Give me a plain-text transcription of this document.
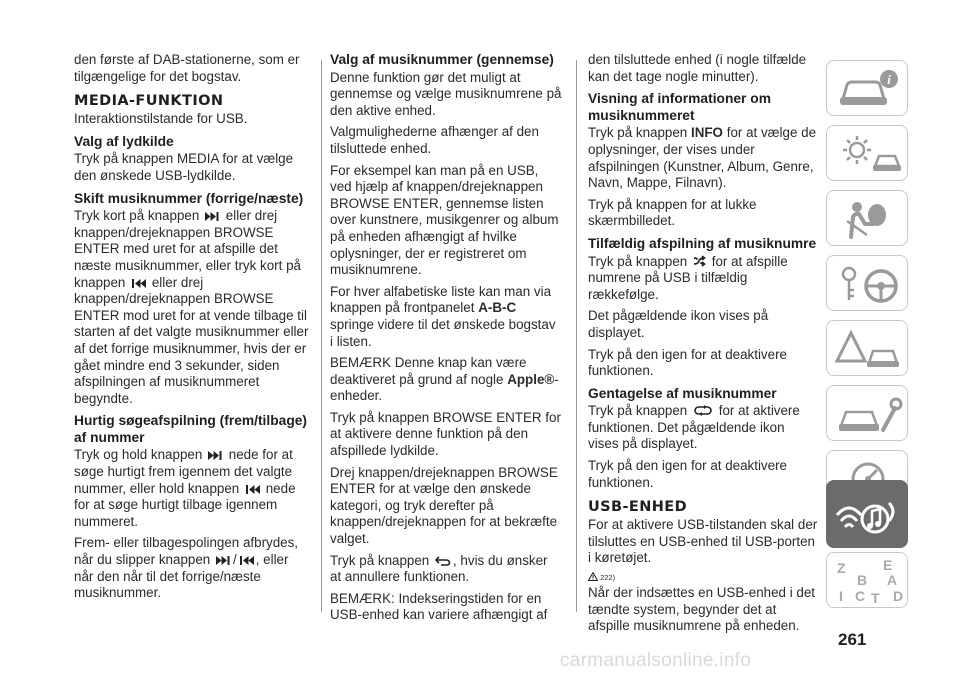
den første af DAB-stationerne, som er tilgængelige for det bogstav.

MEDIA-FUNKTION

Interaktionstilstande for USB.

Valg af lydkilde

Tryk på knappen MEDIA for at vælge den ønskede USB-lydkilde.

Skift musiknummer (forrige/næste)

Tryk kort på knappen eller drej knappen/drejeknappen BROWSE ENTER med uret for at afspille det næste musiknummer, eller tryk kort på knappen eller drej knappen/drejeknappen BROWSE ENTER mod uret for at vende tilbage til starten af det valgte musiknummer eller af det forrige musiknummer, hvis der er gået mindre end 3 sekunder, siden afspilningen af musiknummeret begyndte.

Hurtig søgeafspilning (frem/tilbage) af nummer

Tryk og hold knappen nede for at søge hurtigt frem igennem det valgte nummer, eller hold knappen nede for at søge hurtigt tilbage igennem nummeret.

Frem- eller tilbagespolingen afbrydes, når du slipper knappen / , eller når den når til det forrige/næste musiknummer.

Valg af musiknummer (gennemse)

Denne funktion gør det muligt at gennemse og vælge musiknumrene på den aktive enhed.

Valgmulighederne afhænger af den tilsluttede enhed.

For eksempel kan man på en USB, ved hjælp af knappen/drejeknappen BROWSE ENTER, gennemse listen over kunstnere, musikgenrer og album på enheden afhængigt af hvilke oplysninger, der er registreret om musiknumrene.

For hver alfabetiske liste kan man via knappen på frontpanelet A-B-C springe videre til det ønskede bogstav i listen.

BEMÆRK Denne knap kan være deaktiveret på grund af nogle Apple®-enheder.

Tryk på knappen BROWSE ENTER for at aktivere denne funktion på den afspillede lydkilde.

Drej knappen/drejeknappen BROWSE ENTER for at vælge den ønskede kategori, og tryk derefter på knappen/drejeknappen for at bekræfte valget.

Tryk på knappen , hvis du ønsker at annullere funktionen.

BEMÆRK: Indekseringstiden for en USB-enhed kan variere afhængigt af

den tilsluttede enhed (i nogle tilfælde kan det tage nogle minutter).

Visning af informationer om musiknummeret

Tryk på knappen INFO for at vælge de oplysninger, der vises under afspilningen (Kunstner, Album, Genre, Navn, Mappe, Filnavn).

Tryk på knappen for at lukke skærmbilledet.

Tilfældig afspilning af musiknumre

Tryk på knappen for at afspille numrene på USB i tilfældig rækkefølge.

Det pågældende ikon vises på displayet.

Tryk på den igen for at deaktivere funktionen.

Gentagelse af musiknummer

Tryk på knappen for at aktivere funktionen. Det pågældende ikon vises på displayet.

Tryk på den igen for at deaktivere funktionen.

USB-ENHED

For at aktivere USB-tilstanden skal der tilsluttes en USB-enhed til USB-porten i køretøjet.

222)

Når der indsættes en USB-enhed i det tændte system, begynder det at afspille musiknumrene på enheden.

i
Z	E
B A
I C T D
261
carmanualsonline.info
